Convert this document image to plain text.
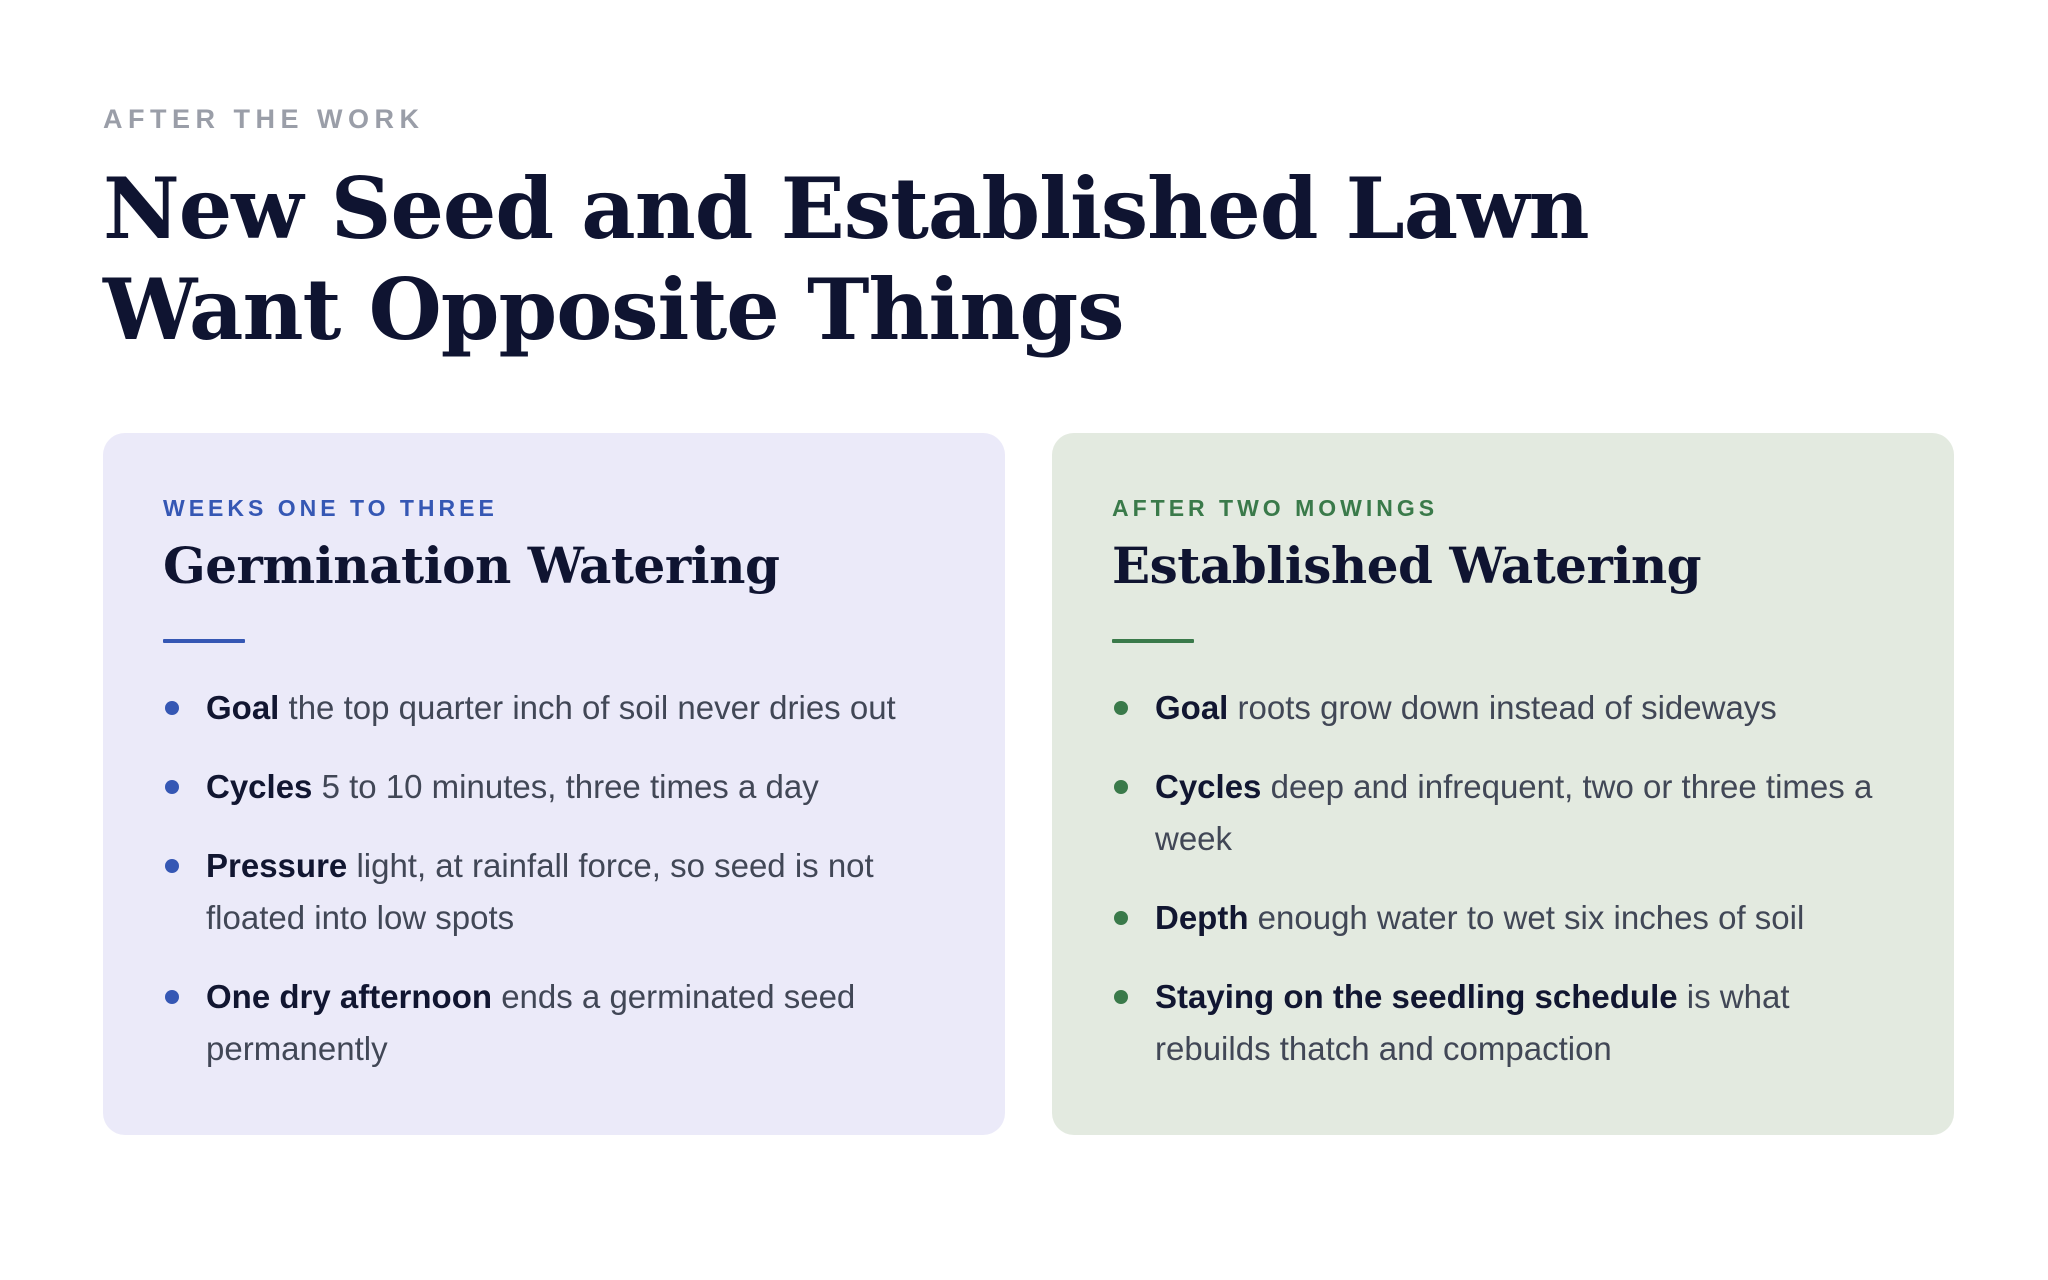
AFTER THE WORK

New Seed and Established Lawn
Want Opposite Things

WEEKS ONE TO THREE

Germination Watering
Goal the top quarter inch of soil never dries out
Cycles 5 to 10 minutes, three times a day
Pressure light, at rainfall force, so seed is not floated into low spots
One dry afternoon ends a germinated seed permanently

AFTER TWO MOWINGS

Established Watering
Goal roots grow down instead of sideways
Cycles deep and infrequent, two or three times a week
Depth enough water to wet six inches of soil
Staying on the seedling schedule is what rebuilds thatch and compaction
